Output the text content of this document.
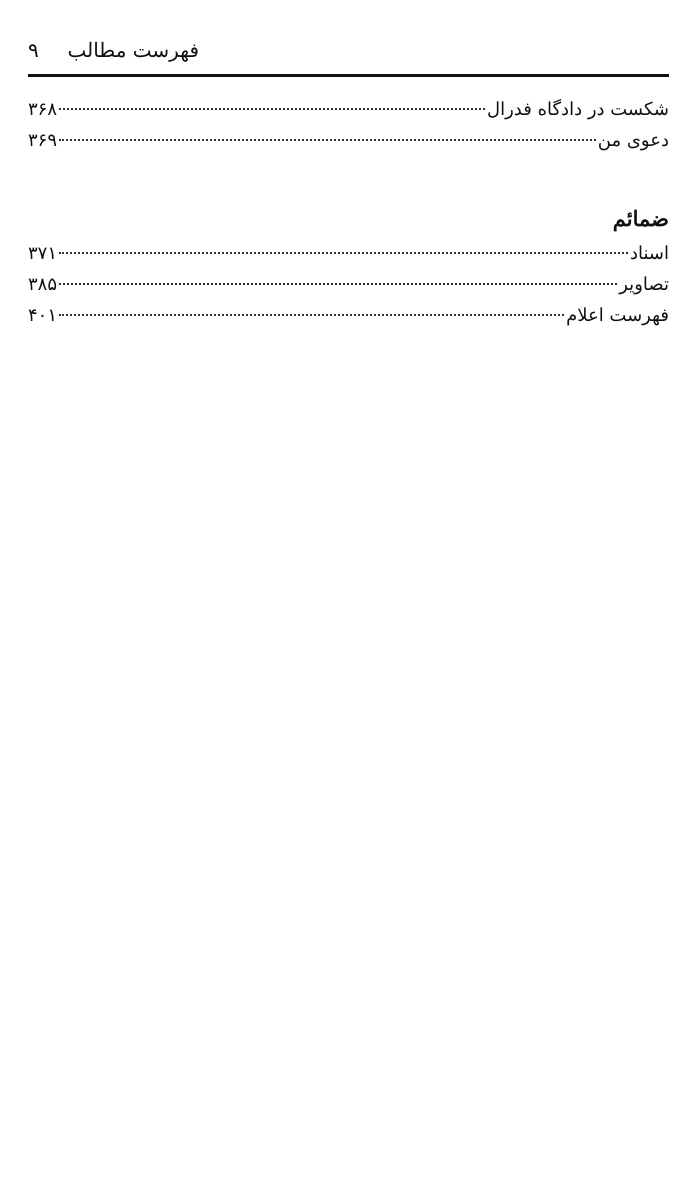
فهرست مطالب
۹
شکست در دادگاه فدرال
۳۶۸
دعوی من
۳۶۹
ضمائم
اسناد
۳۷۱
تصاویر
۳۸۵
فهرست اعلام
۴۰۱
